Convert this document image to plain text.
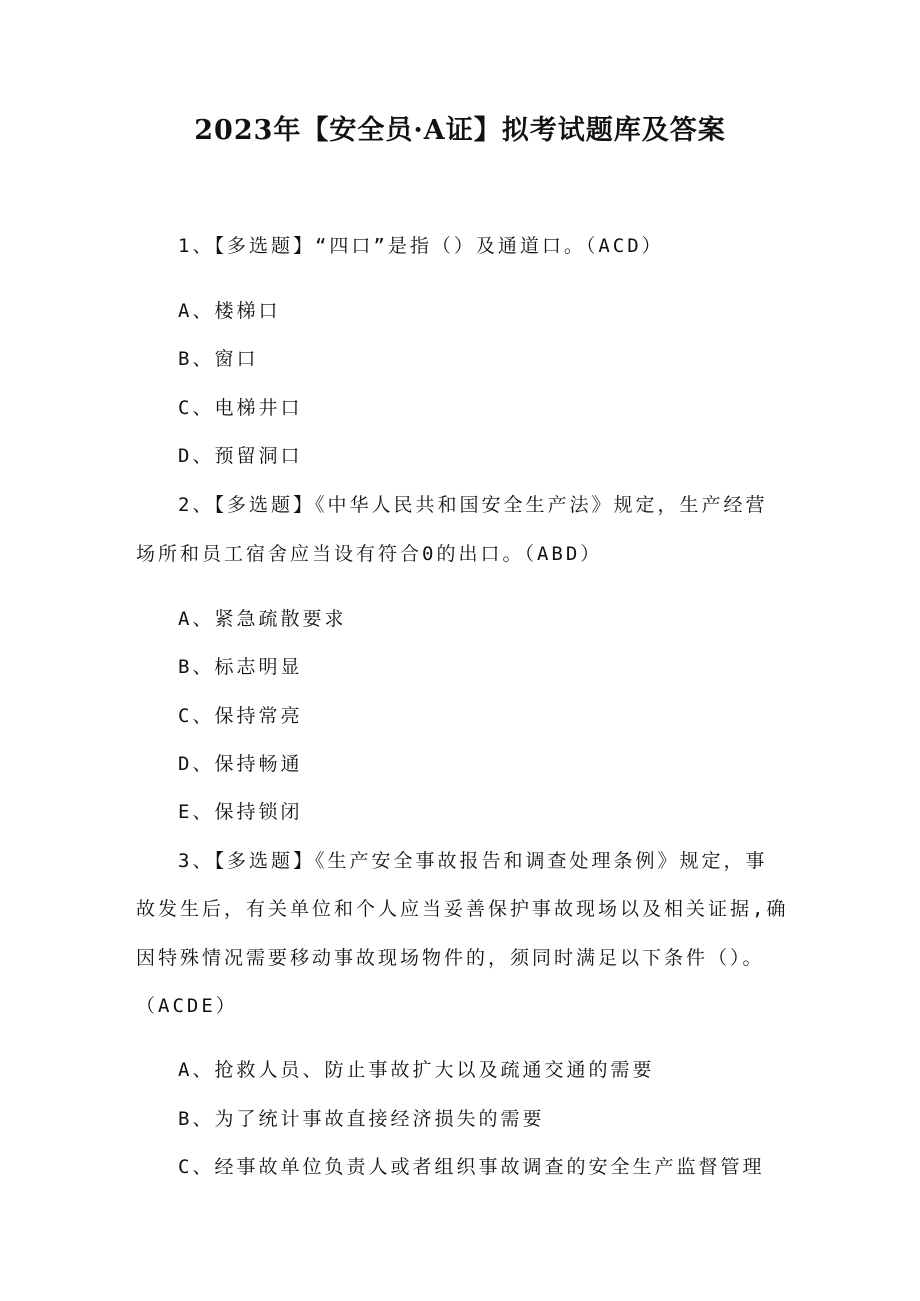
2023年【安全员·A证】拟考试题库及答案
1、【多选题】“四口”是指（）及通道口。（ACD）
A、楼梯口
B、窗口
C、电梯井口
D、预留洞口
2、【多选题】《中华人民共和国安全生产法》规定，生产经营
场所和员工宿舍应当设有符合0的出口。（ABD）
A、紧急疏散要求
B、标志明显
C、保持常亮
D、保持畅通
E、保持锁闭
3、【多选题】《生产安全事故报告和调查处理条例》规定，事
故发生后，有关单位和个人应当妥善保护事故现场以及相关证据,确
因特殊情况需要移动事故现场物件的，须同时满足以下条件（）。
（ACDE）
A、抢救人员、防止事故扩大以及疏通交通的需要
B、为了统计事故直接经济损失的需要
C、经事故单位负责人或者组织事故调查的安全生产监督管理
